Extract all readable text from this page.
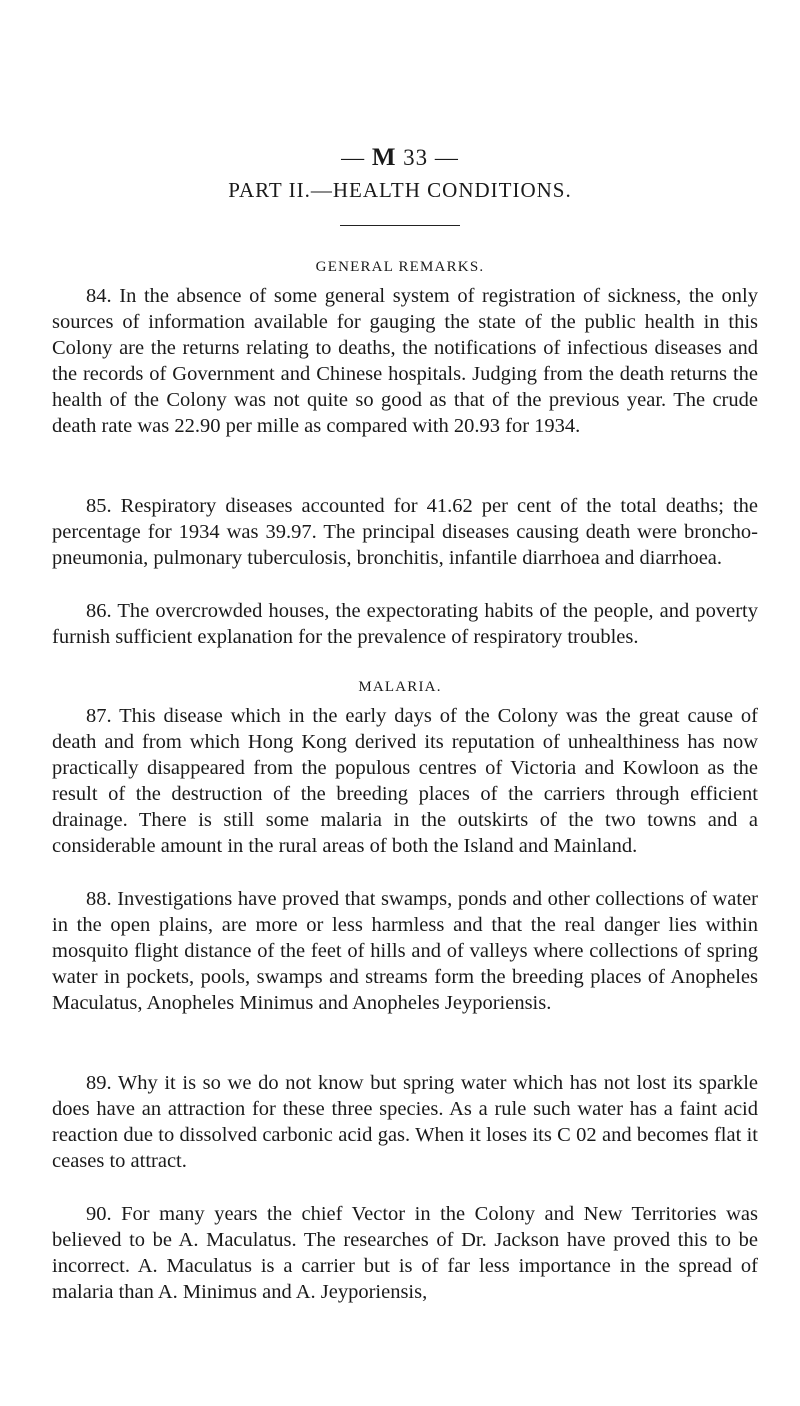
— M 33 —
PART II.—HEALTH CONDITIONS.
GENERAL REMARKS.

84. In the absence of some general system of registration of sickness, the only sources of information available for gauging the state of the public health in this Colony are the returns relating to deaths, the notifications of infectious diseases and the records of Government and Chinese hospitals. Judging from the death returns the health of the Colony was not quite so good as that of the previous year. The crude death rate was 22.90 per mille as compared with 20.93 for 1934.

85. Respiratory diseases accounted for 41.62 per cent of the total deaths; the percentage for 1934 was 39.97. The principal diseases causing death were broncho-pneumonia, pulmonary tuberculosis, bronchitis, infantile diarrhoea and diarrhoea.

86. The overcrowded houses, the expectorating habits of the people, and poverty furnish sufficient explanation for the prevalence of respiratory troubles.

MALARIA.

87. This disease which in the early days of the Colony was the great cause of death and from which Hong Kong derived its reputation of unhealthiness has now practically disappeared from the populous centres of Victoria and Kowloon as the result of the destruction of the breeding places of the carriers through efficient drainage. There is still some malaria in the outskirts of the two towns and a considerable amount in the rural areas of both the Island and Mainland.

88. Investigations have proved that swamps, ponds and other collections of water in the open plains, are more or less harmless and that the real danger lies within mosquito flight distance of the feet of hills and of valleys where collections of spring water in pockets, pools, swamps and streams form the breeding places of Anopheles Maculatus, Anopheles Minimus and Anopheles Jeyporiensis.

89. Why it is so we do not know but spring water which has not lost its sparkle does have an attraction for these three species. As a rule such water has a faint acid reaction due to dissolved carbonic acid gas. When it loses its C 02 and becomes flat it ceases to attract.

90. For many years the chief Vector in the Colony and New Territories was believed to be A. Maculatus. The researches of Dr. Jackson have proved this to be incorrect. A. Maculatus is a carrier but is of far less importance in the spread of malaria than A. Minimus and A. Jeyporiensis,
